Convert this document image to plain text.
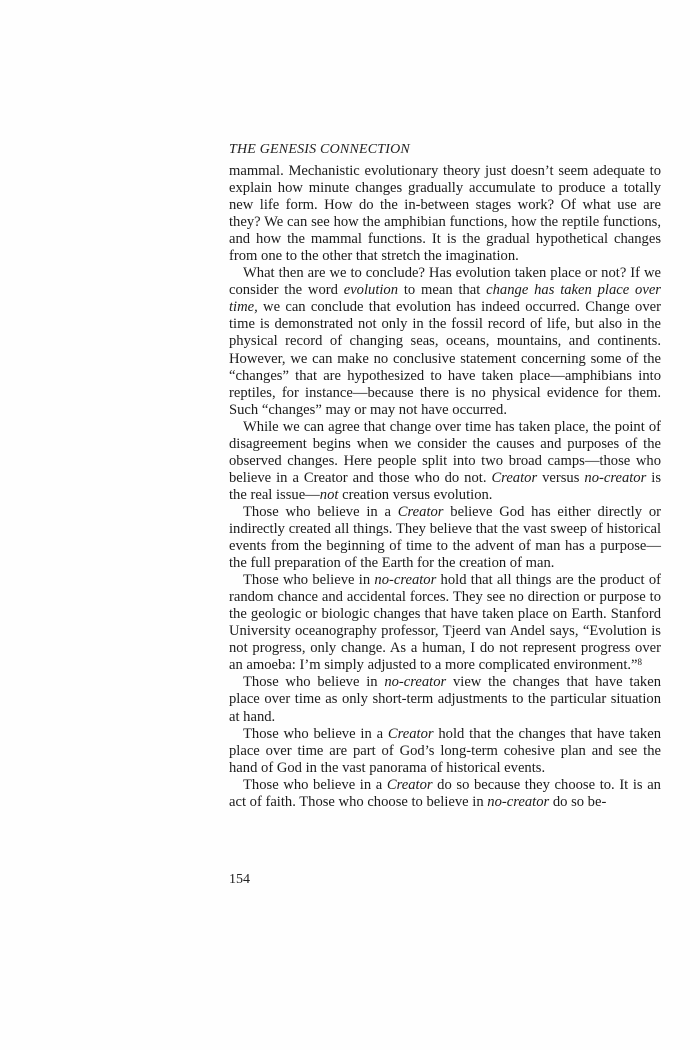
THE GENESIS CONNECTION

mammal. Mechanistic evolutionary theory just doesn’t seem adequate to explain how minute changes gradually accumulate to produce a totally new life form. How do the in-between stages work? Of what use are they? We can see how the amphibian functions, how the reptile functions, and how the mammal functions. It is the gradual hypothetical changes from one to the other that stretch the imagination.

What then are we to conclude? Has evolution taken place or not? If we consider the word evolution to mean that change has taken place over time, we can conclude that evolution has indeed occurred. Change over time is demonstrated not only in the fossil record of life, but also in the physical record of changing seas, oceans, mountains, and continents. However, we can make no conclusive statement concerning some of the “changes” that are hypothesized to have taken place—amphibians into reptiles, for instance—because there is no physical evidence for them. Such “changes” may or may not have occurred.

While we can agree that change over time has taken place, the point of disagreement begins when we consider the causes and purposes of the observed changes. Here people split into two broad camps—those who believe in a Creator and those who do not. Creator versus no-creator is the real issue—not creation versus evolution.

Those who believe in a Creator believe God has either directly or indirectly created all things. They believe that the vast sweep of historical events from the beginning of time to the advent of man has a purpose—the full preparation of the Earth for the creation of man.

Those who believe in no-creator hold that all things are the product of random chance and accidental forces. They see no direction or purpose to the geologic or biologic changes that have taken place on Earth. Stanford University oceanography professor, Tjeerd van Andel says, “Evolution is not progress, only change. As a human, I do not represent progress over an amoeba: I’m simply adjusted to a more complicated environment.”$^8$

Those who believe in no-creator view the changes that have taken place over time as only short-term adjustments to the particular situation at hand.

Those who believe in a Creator hold that the changes that have taken place over time are part of God’s long-term cohesive plan and see the hand of God in the vast panorama of historical events.

Those who believe in a Creator do so because they choose to. It is an act of faith. Those who choose to believe in no-creator do so be-

154
